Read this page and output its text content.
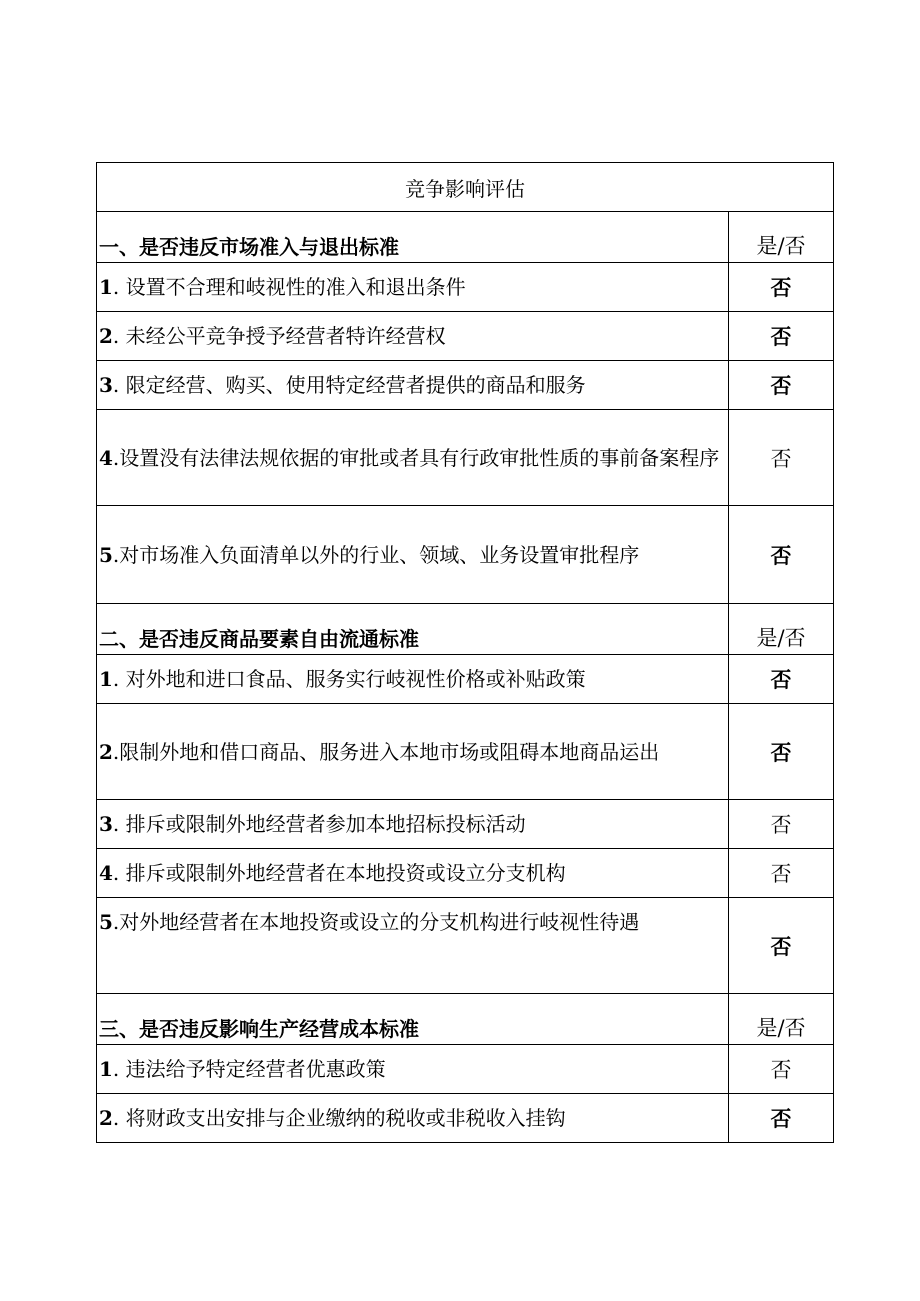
竞争影响评估	
一、是否违反市场准入与退出标准	是/否
1. 设置不合理和岐视性的准入和退出条件	否
2. 未经公平竞争授予经营者特许经营权	否
3. 限定经营、购买、使用特定经营者提供的商品和服务	否
4.设置没有法律法规依据的审批或者具有行政审批性质的事前备案程序	否
5.对市场准入负面清单以外的行业、领域、业务设置审批程序	否
二、是否违反商品要素自由流通标准	是/否
1. 对外地和进口食品、服务实行岐视性价格或补贴政策	否
2.限制外地和借口商品、服务进入本地市场或阻碍本地商品运出	否
3. 排斥或限制外地经营者参加本地招标投标活动	否
4. 排斥或限制外地经营者在本地投资或设立分支机构	否
5.对外地经营者在本地投资或设立的分支机构进行岐视性待遇	否
三、是否违反影响生产经营成本标准	是/否
1. 违法给予特定经营者优惠政策	否
2. 将财政支出安排与企业缴纳的税收或非税收入挂钩	否
